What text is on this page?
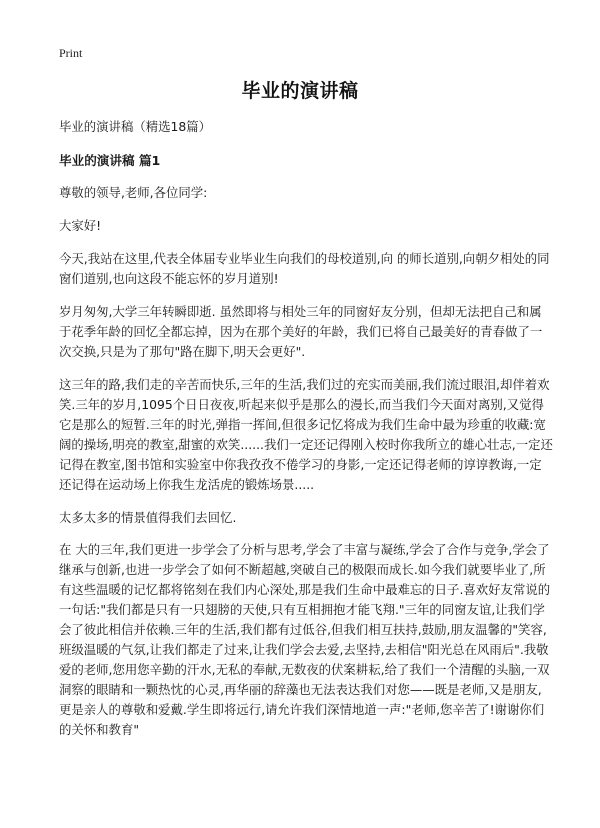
Print
毕业的演讲稿

毕业的演讲稿（精选18篇）

毕业的演讲稿 篇1

尊敬的领导,老师,各位同学:

大家好!

今天,我站在这里,代表全体届专业毕业生向我们的母校道别,向 的师长道别,向朝夕相处的同窗们道别,也向这段不能忘怀的岁月道别!

岁月匆匆,大学三年转瞬即逝. 虽然即将与相处三年的同窗好友分别，但却无法把自己和属于花季年龄的回忆全都忘掉，因为在那个美好的年龄，我们已将自己最美好的青春做了一次交换,只是为了那句"路在脚下,明天会更好".

这三年的路,我们走的辛苦而快乐,三年的生活,我们过的充实而美丽,我们流过眼泪,却伴着欢笑.三年的岁月,1095个日日夜夜,听起来似乎是那么的漫长,而当我们今天面对离别,又觉得它是那么的短暂.三年的时光,弹指一挥间,但很多记忆将成为我们生命中最为珍重的收藏:宽阔的操场,明亮的教室,甜蜜的欢笑......我们一定还记得刚入校时你我所立的雄心壮志,一定还记得在教室,图书馆和实验室中你我孜孜不倦学习的身影,一定还记得老师的谆谆教诲,一定还记得在运动场上你我生龙活虎的锻炼场景.....

太多太多的情景值得我们去回忆.

在 大的三年,我们更进一步学会了分析与思考,学会了丰富与凝练,学会了合作与竞争,学会了继承与创新,也进一步学会了如何不断超越,突破自己的极限而成长.如今我们就要毕业了,所有这些温暖的记忆都将铭刻在我们内心深处,那是我们生命中最难忘的日子.喜欢好友常说的一句话:"我们都是只有一只翅膀的天使,只有互相拥抱才能飞翔."三年的同窗友谊,让我们学会了彼此相信并依赖.三年的生活,我们都有过低谷,但我们相互扶持,鼓励,朋友温馨的"笑容,班级温暖的气氛,让我们都走了过来,让我们学会去爱,去坚持,去相信"阳光总在风雨后".我敬爱的老师,您用您辛勤的汗水,无私的奉献,无数夜的伏案耕耘,给了我们一个清醒的头脑,一双洞察的眼睛和一颗热忱的心灵,再华丽的辞藻也无法表达我们对您——既是老师,又是朋友,更是亲人的尊敬和爱戴.学生即将远行,请允许我们深情地道一声:"老师,您辛苦了!谢谢你们的关怀和教育"
